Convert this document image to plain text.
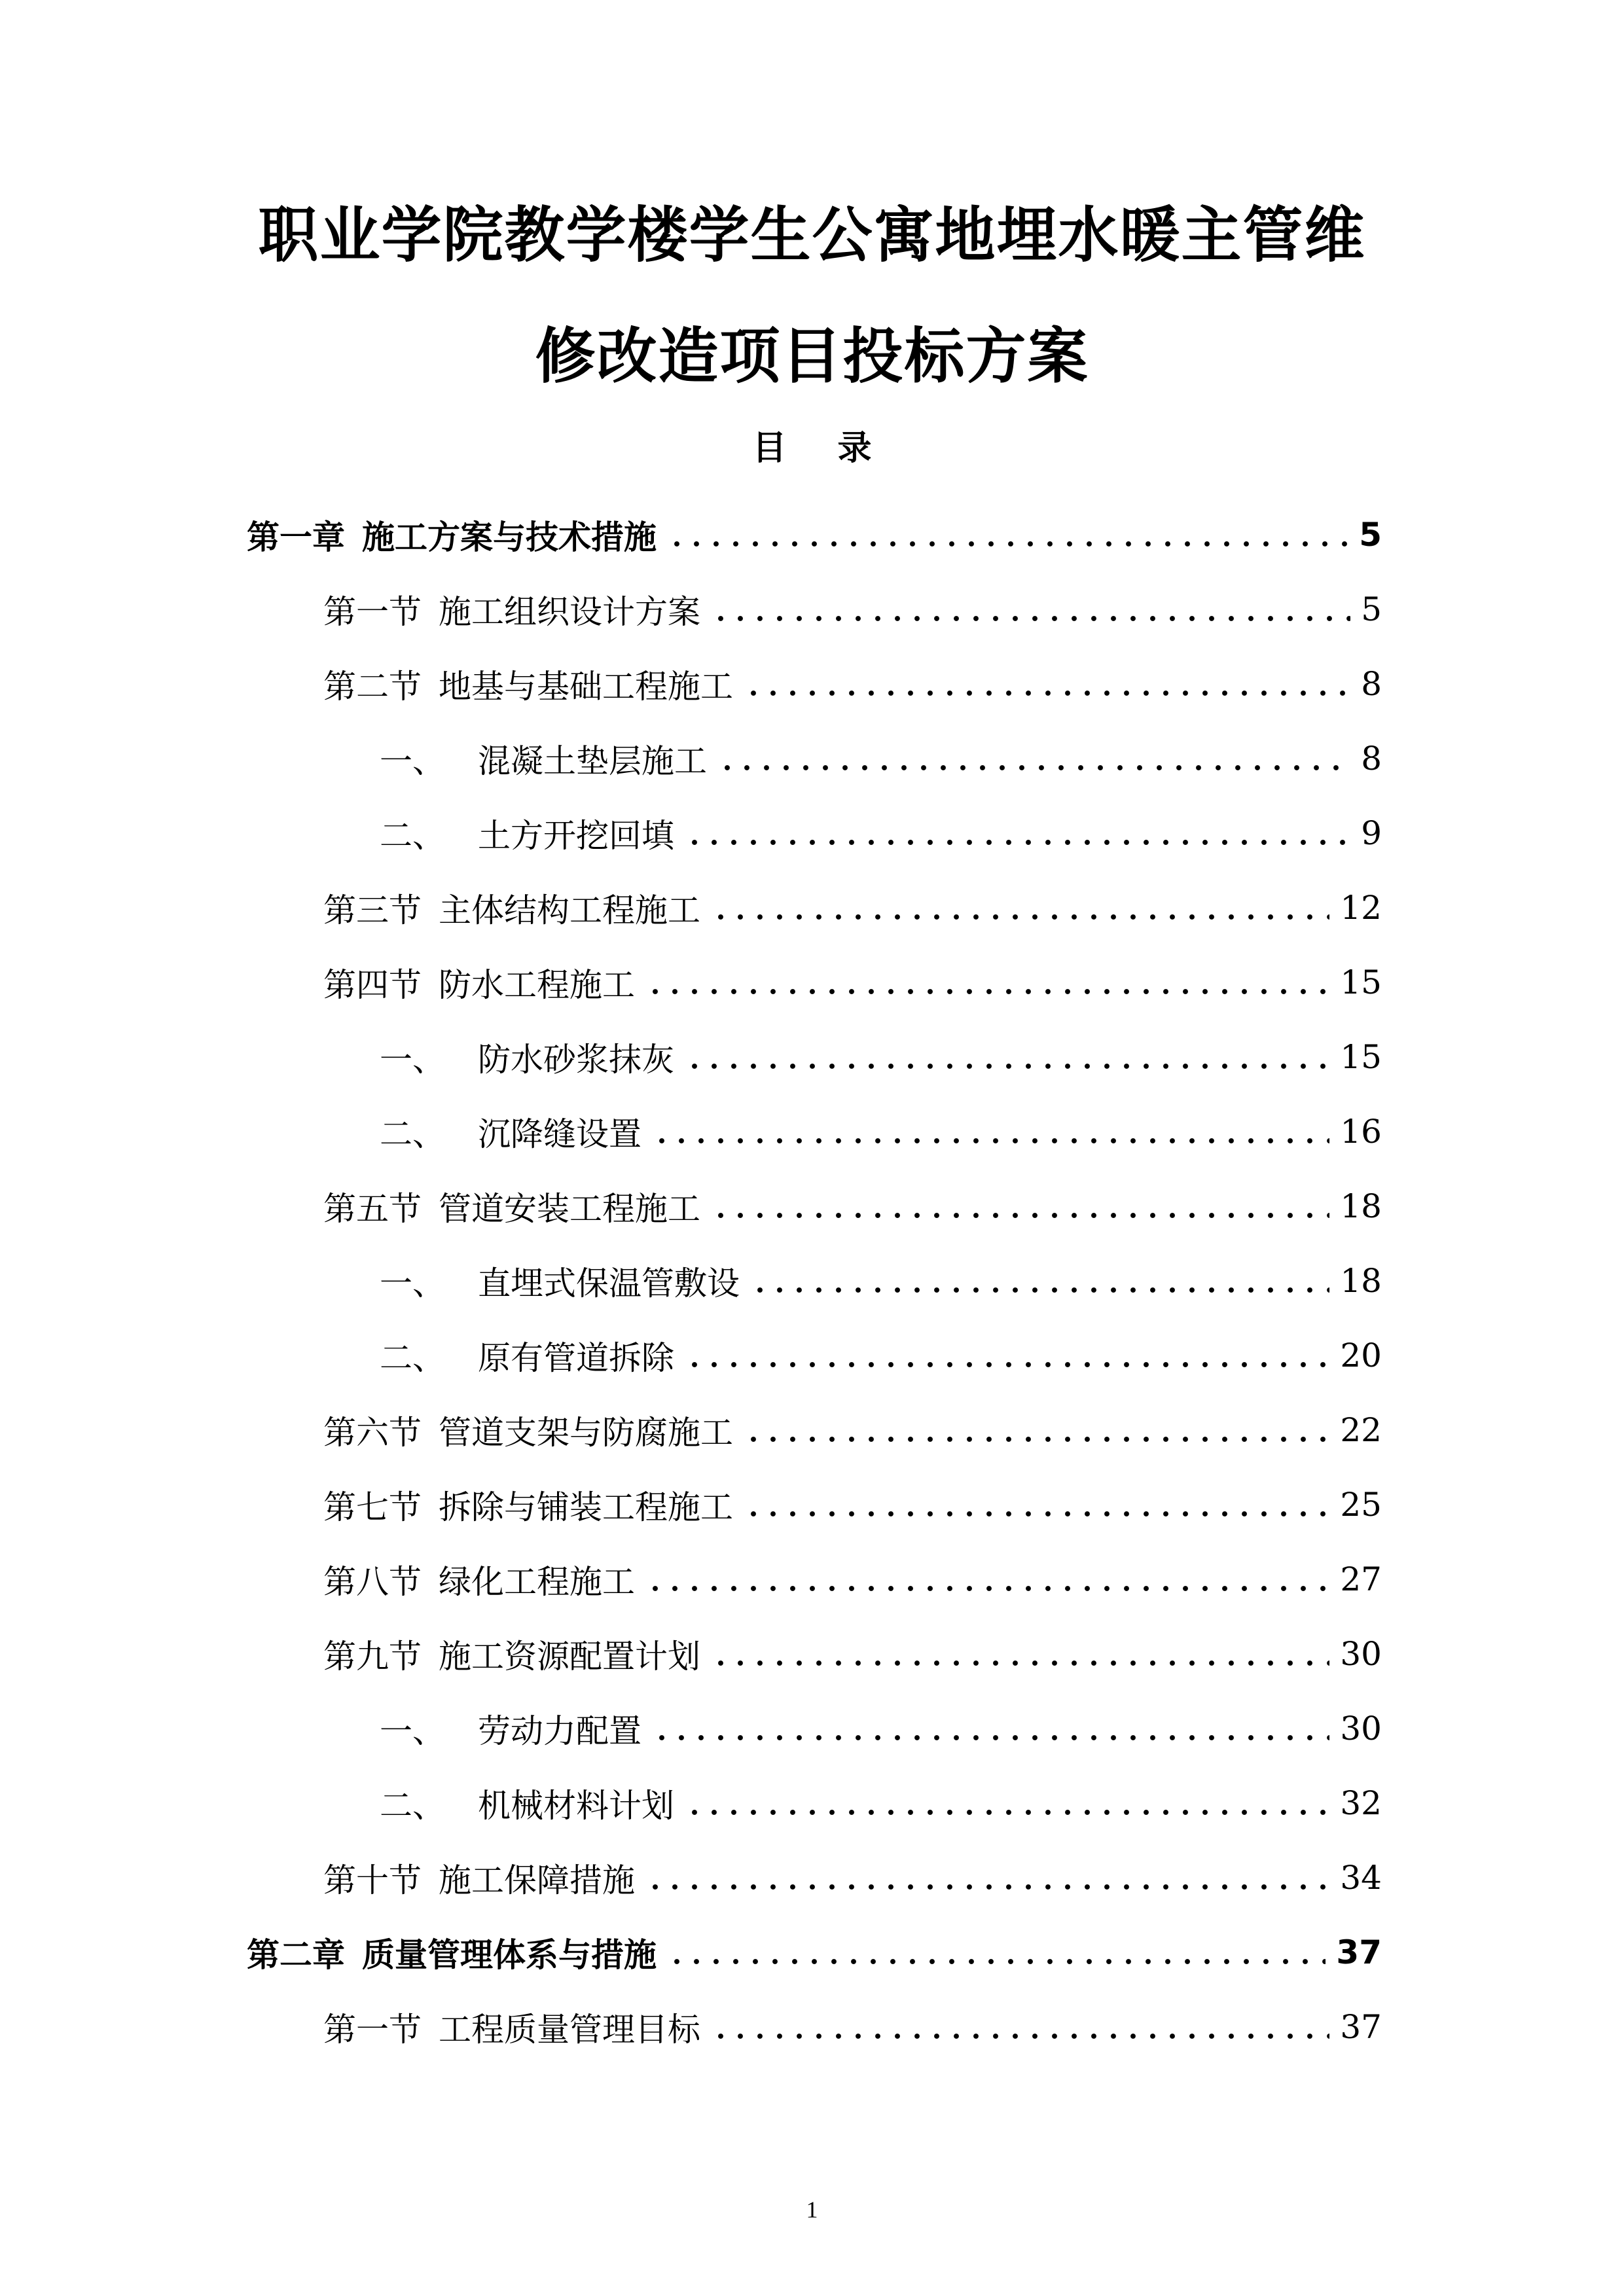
职业学院教学楼学生公寓地埋水暖主管维
修改造项目投标方案
目 录
第一章 施工方案与技术措施	5
第一节 施工组织设计方案	5
第二节 地基与基础工程施工	8
一、	混凝土垫层施工	8
二、	土方开挖回填	9
第三节 主体结构工程施工	12
第四节 防水工程施工	15
一、	防水砂浆抹灰	15
二、	沉降缝设置	16
第五节 管道安装工程施工	18
一、	直埋式保温管敷设	18
二、	原有管道拆除	20
第六节 管道支架与防腐施工	22
第七节 拆除与铺装工程施工	25
第八节 绿化工程施工	27
第九节 施工资源配置计划	30
一、	劳动力配置	30
二、	机械材料计划	32
第十节 施工保障措施	34
第二章 质量管理体系与措施	37
第一节 工程质量管理目标	37
1
